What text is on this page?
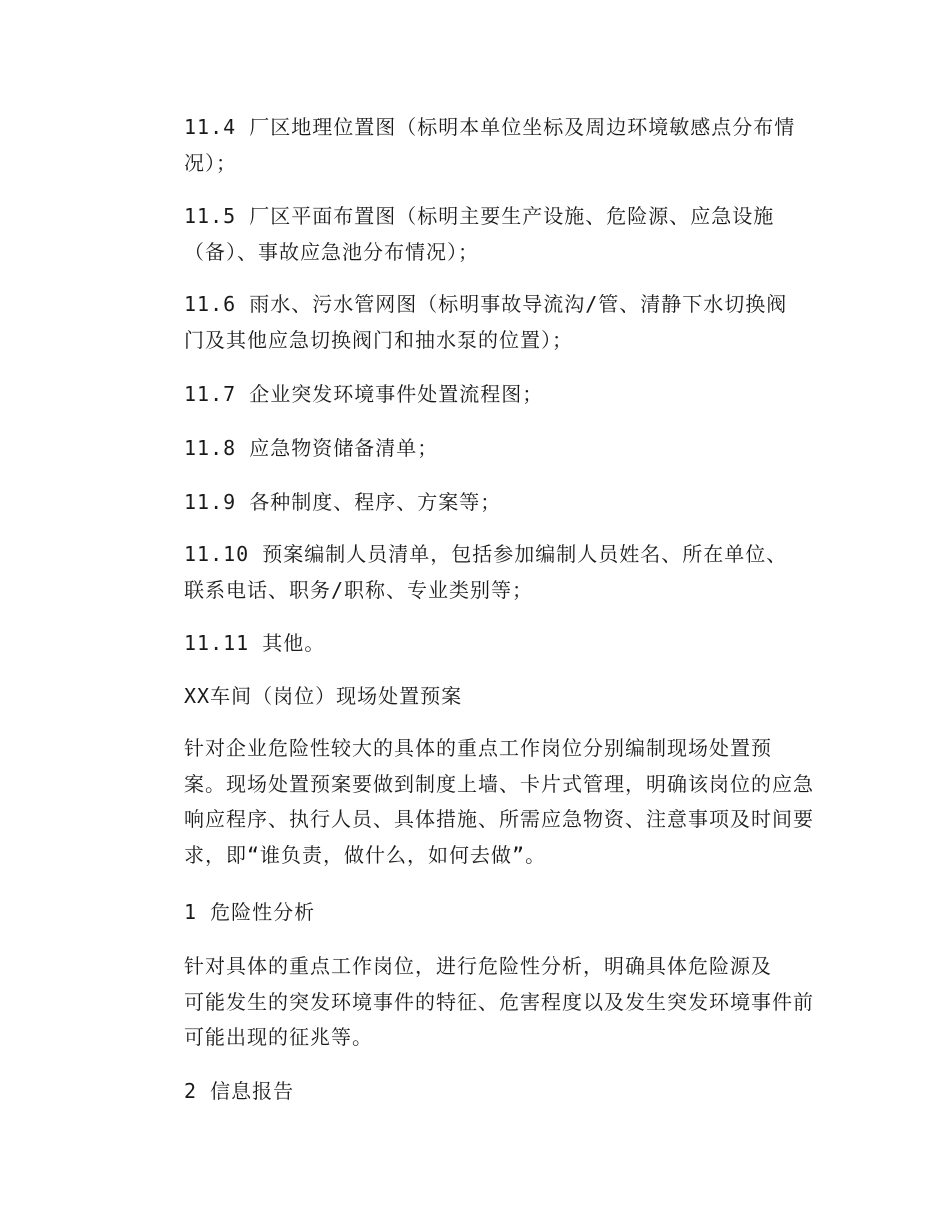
11.4 厂区地理位置图（标明本单位坐标及周边环境敏感点分布情
况）；

11.5 厂区平面布置图（标明主要生产设施、危险源、应急设施
（备）、事故应急池分布情况）；

11.6 雨水、污水管网图（标明事故导流沟/管、清静下水切换阀
门及其他应急切换阀门和抽水泵的位置）；

11.7 企业突发环境事件处置流程图；

11.8 应急物资储备清单；

11.9 各种制度、程序、方案等；

11.10 预案编制人员清单，包括参加编制人员姓名、所在单位、
联系电话、职务/职称、专业类别等；

11.11 其他。

XX车间（岗位）现场处置预案

针对企业危险性较大的具体的重点工作岗位分别编制现场处置预
案。现场处置预案要做到制度上墙、卡片式管理，明确该岗位的应急
响应程序、执行人员、具体措施、所需应急物资、注意事项及时间要
求，即“谁负责，做什么，如何去做”。

1 危险性分析

针对具体的重点工作岗位，进行危险性分析，明确具体危险源及
可能发生的突发环境事件的特征、危害程度以及发生突发环境事件前
可能出现的征兆等。

2 信息报告
